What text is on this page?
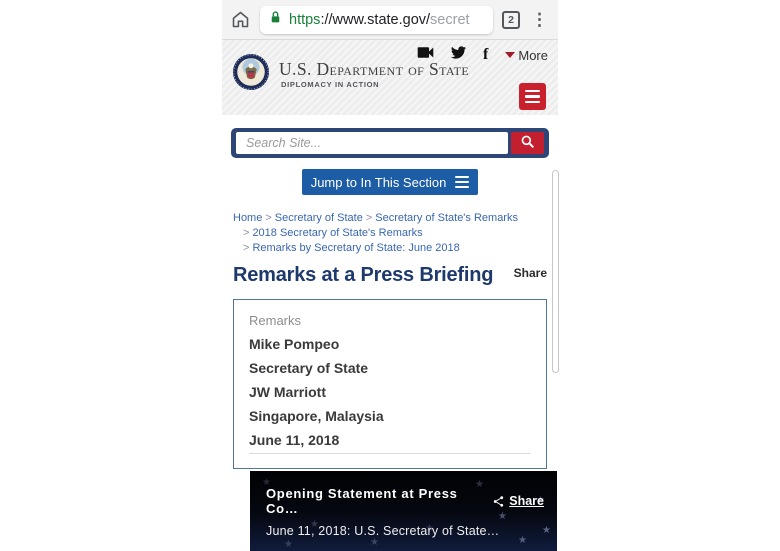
https://www.state.gov/secret	2	⋮
f More
U.S. Department of State
DIPLOMACY IN ACTION
Search Site...
Jump to In This Section
Home > Secretary of State > Secretary of State's Remarks
> 2018 Secretary of State's Remarks
> Remarks by Secretary of State: June 2018
Remarks at a Press Briefing Share
Remarks
Mike Pompeo
Secretary of State
JW Marriott
Singapore, Malaysia
June 11, 2018
★
★
★
★
★
★
★
★
★
★
Opening Statement at Press Co…	Share
June 11, 2018: U.S. Secretary of State…
